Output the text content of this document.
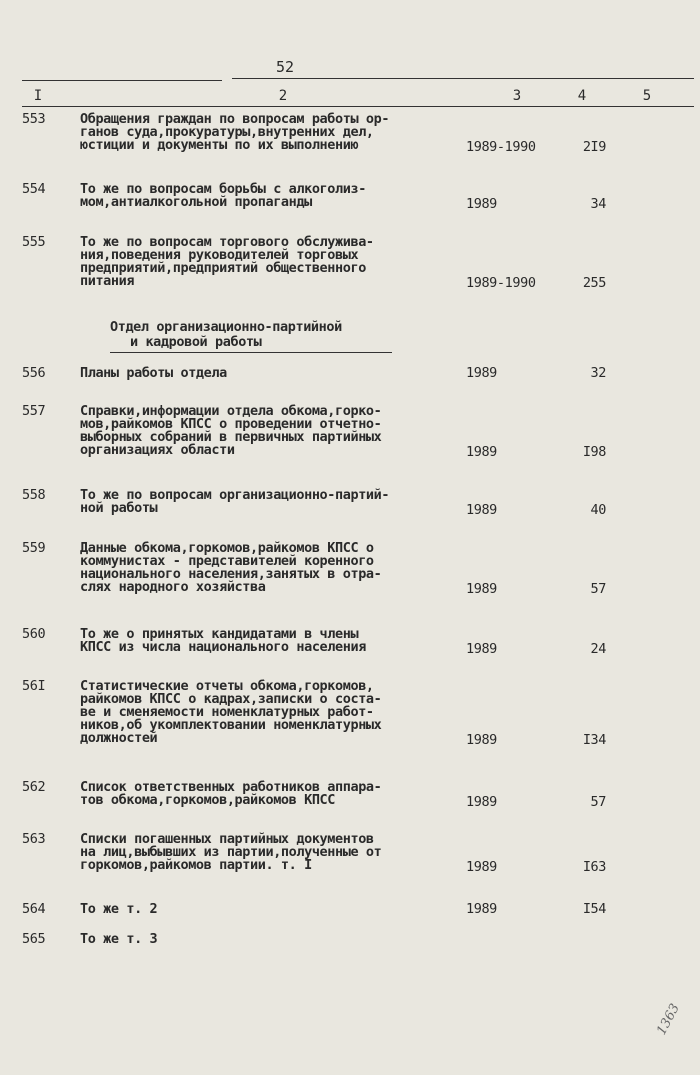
52
I	2	3	4	5
Отдел организационно-партийной
и кадровой работы
553	Обращения граждан по вопросам работы ор-
ганов суда,прокуратуры,внутренних дел,
юстиции и документы по их выполнению	1989-1990	2I9
554	То же по вопросам борьбы с алкоголиз-
мом,антиалкогольной пропаганды	1989	34
555	То же по вопросам торгового обслужива-
ния,поведения руководителей торговых
предприятий,предприятий общественного
питания	1989-1990	255
556	Планы работы отдела	1989	32
557	Справки,информации отдела обкома,горко-
мов,райкомов КПСС о проведении отчетно-
выборных собраний в первичных партийных
организациях области	1989	I98
558	То же по вопросам организационно-партий-
ной работы	1989	40
559	Данные обкома,горкомов,райкомов КПСС о
коммунистах - представителей коренного
национального населения,занятых в отра-
слях народного хозяйства	1989	57
560	То же о принятых кандидатами в члены
КПСС из числа национального населения	1989	24
56I	Статистические отчеты обкома,горкомов,
райкомов КПСС о кадрах,записки о соста-
ве и сменяемости номенклатурных работ-
ников,об укомплектовании номенклатурных
должностей	1989	I34
562	Список ответственных работников аппара-
тов обкома,горкомов,райкомов КПСС	1989	57
563	Списки погашенных партийных документов
на лиц,выбывших из партии,полученные от
горкомов,райкомов партии. т. I	1989	I63
564	То же т. 2	1989	I54
565	То же т. 3
1363
